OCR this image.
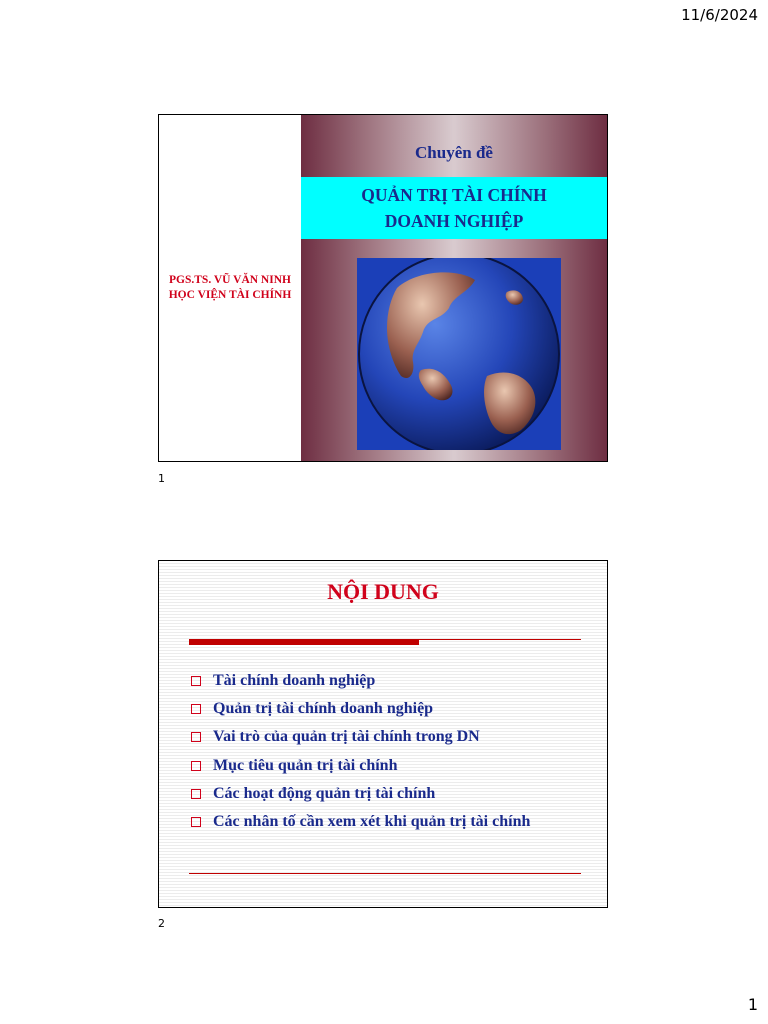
11/6/2024
PGS.TS. VŨ VĂN NINH
HỌC VIỆN TÀI CHÍNH
Chuyên đề
QUẢN TRỊ TÀI CHÍNH
DOANH NGHIỆP
1
NỘI DUNG
Tài chính doanh nghiệp
Quản trị tài chính doanh nghiệp
Vai trò của quản trị tài chính trong DN
Mục tiêu quản trị tài chính
Các hoạt động quản trị tài chính
Các nhân tố cần xem xét khi quản trị tài chính
2
1
